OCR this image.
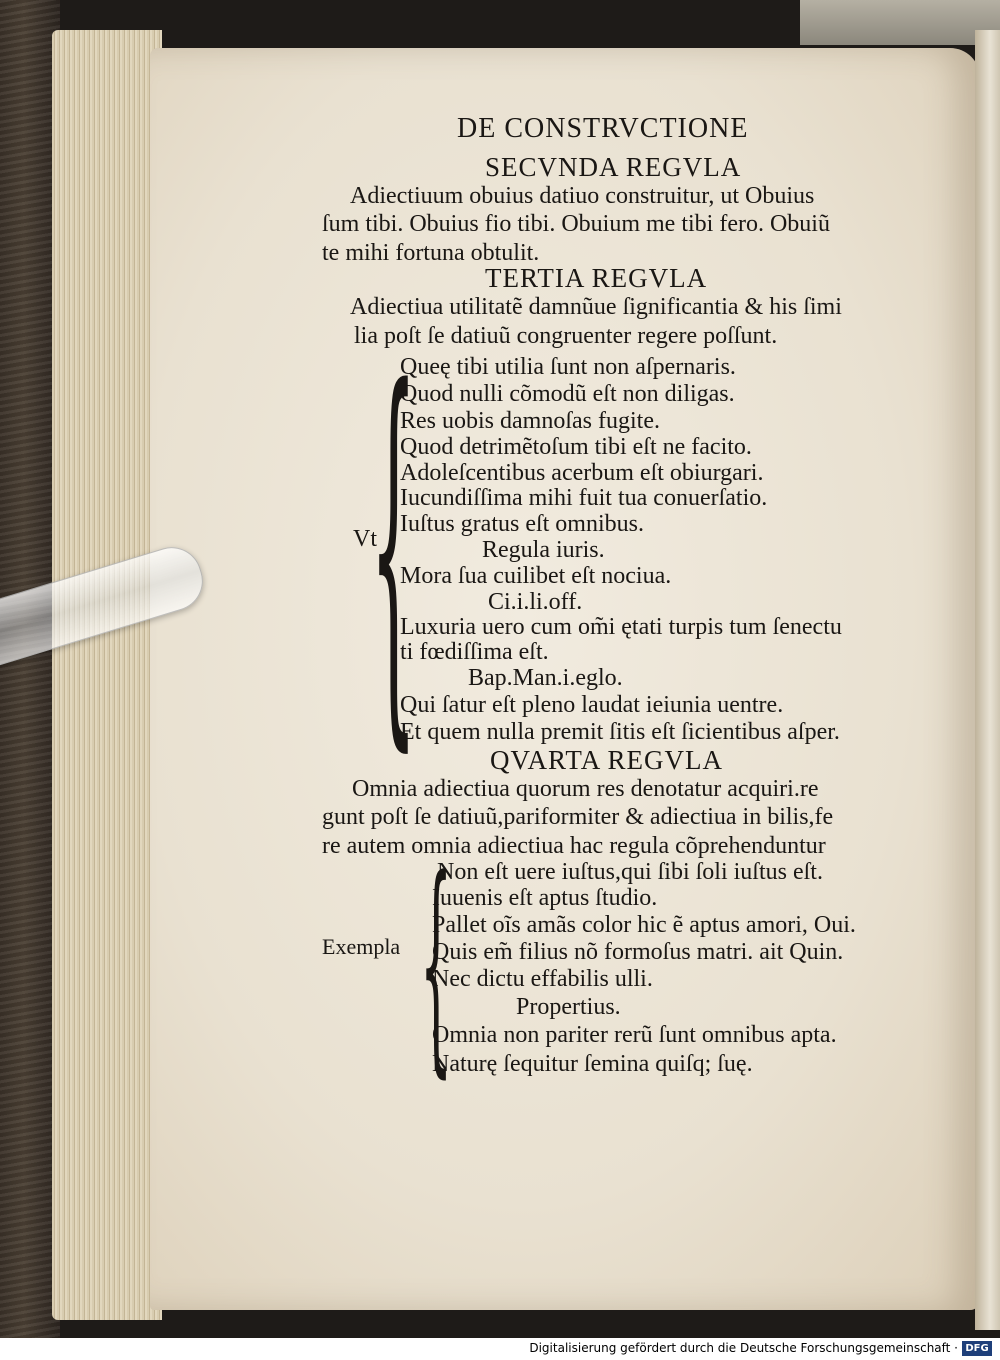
DE CONSTRVCTIONE
SECVNDA REGVLA
Adiectiuum obuius datiuo construitur, ut Obuius
ſum tibi. Obuius fio tibi. Obuium me tibi fero. Obuiũ
te mihi fortuna obtulit.
TERTIA REGVLA
Adiectiua utilitatẽ damnũue ſignificantia & his ſimi
lia poſt ſe datiuũ congruenter regere poſſunt.
{
Vt
Queę tibi utilia ſunt non aſpernaris.
Quod nulli cõmodũ eſt non diligas.
Res uobis damnoſas fugite.
Quod detrimẽtoſum tibi eſt ne facito.
Adoleſcentibus acerbum eſt obiurgari.
Iucundiſſima mihi fuit tua conuerſatio.
Iuſtus gratus eſt omnibus.
Regula iuris.
Mora ſua cuilibet eſt nociua.
Ci.i.li.off.
Luxuria uero cum om̃i ętati turpis tum ſenectu
ti fœdiſſima eſt.
Bap.Man.i.eglo.
Qui ſatur eſt pleno laudat ieiunia uentre.
Et quem nulla premit ſitis eſt ſicientibus aſper.
QVARTA REGVLA
Omnia adiectiua quorum res denotatur acquiri.re
gunt poſt ſe datiuũ,pariformiter & adiectiua in bilis,fe
re autem omnia adiectiua hac regula cõprehenduntur
{
Exempla
Non eſt uere iuſtus,qui ſibi ſoli iuſtus eſt.
Iuuenis eſt aptus ſtudio.
Pallet oĩs amãs color hic ẽ aptus amori, Oui.
Quis em̃ filius nõ formoſus matri. ait Quin.
Nec dictu effabilis ulli.
Propertius.
Omnia non pariter rerũ ſunt omnibus apta.
Naturę ſequitur ſemina quiſq; ſuę.
Digitalisierung gefördert durch die Deutsche Forschungsgemeinschaft · DFG
